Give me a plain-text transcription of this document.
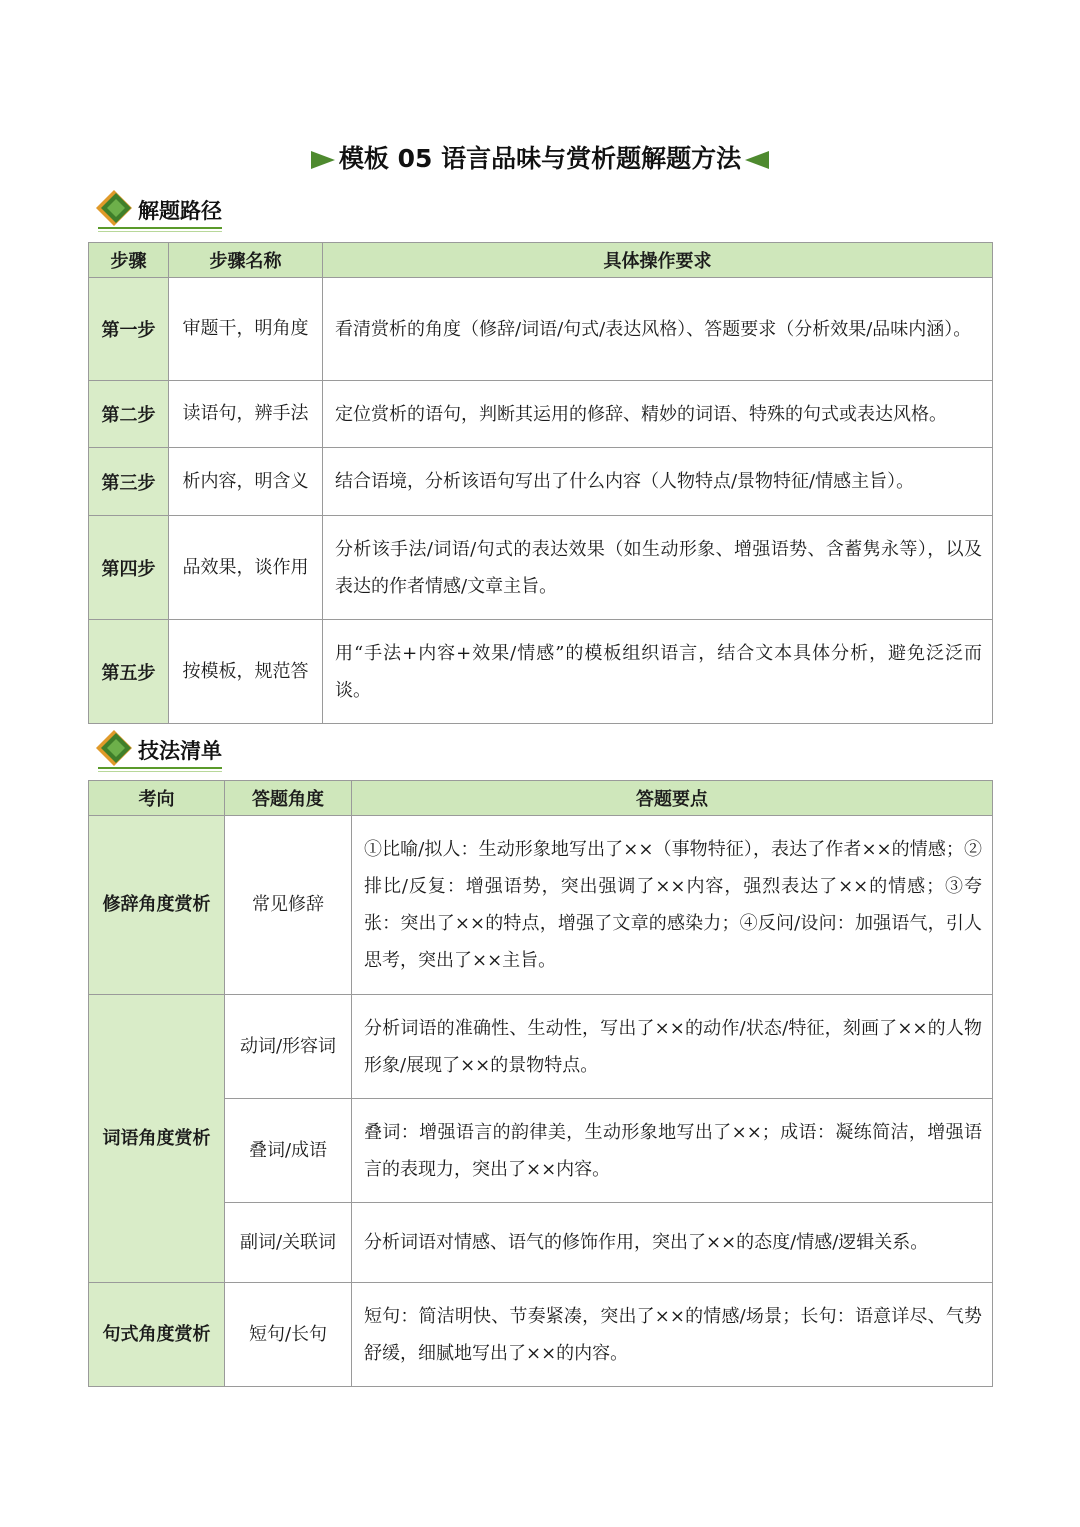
模板 05 语言品味与赏析题解题方法
解题路径
步骤	步骤名称	具体操作要求
第一步	审题干，明角度	看清赏析的角度（修辞/词语/句式/表达风格）、答题要求（分析效果/品味内涵）。
第二步	读语句，辨手法	定位赏析的语句，判断其运用的修辞、精妙的词语、特殊的句式或表达风格。
第三步	析内容，明含义	结合语境，分析该语句写出了什么内容（人物特点/景物特征/情感主旨）。
第四步	品效果，谈作用	分析该手法/词语/句式的表达效果（如生动形象、增强语势、含蓄隽永等），以及表达的作者情感/文章主旨。
第五步	按模板，规范答	用“手法+内容+效果/情感”的模板组织语言，结合文本具体分析，避免泛泛而谈。
技法清单
考向	答题角度	答题要点
修辞角度赏析	常见修辞	①比喻/拟人：生动形象地写出了××（事物特征），表达了作者××的情感；②排比/反复：增强语势，突出强调了××内容，强烈表达了××的情感；③夸张：突出了××的特点，增强了文章的感染力；④反问/设问：加强语气，引人思考，突出了××主旨。
词语角度赏析	动词/形容词	分析词语的准确性、生动性，写出了××的动作/状态/特征，刻画了××的人物形象/展现了××的景物特点。
	叠词/成语	叠词：增强语言的韵律美，生动形象地写出了××；成语：凝练简洁，增强语言的表现力，突出了××内容。
	副词/关联词	分析词语对情感、语气的修饰作用，突出了××的态度/情感/逻辑关系。
句式角度赏析	短句/长句	短句：简洁明快、节奏紧凑，突出了××的情感/场景；长句：语意详尽、气势舒缓，细腻地写出了××的内容。
